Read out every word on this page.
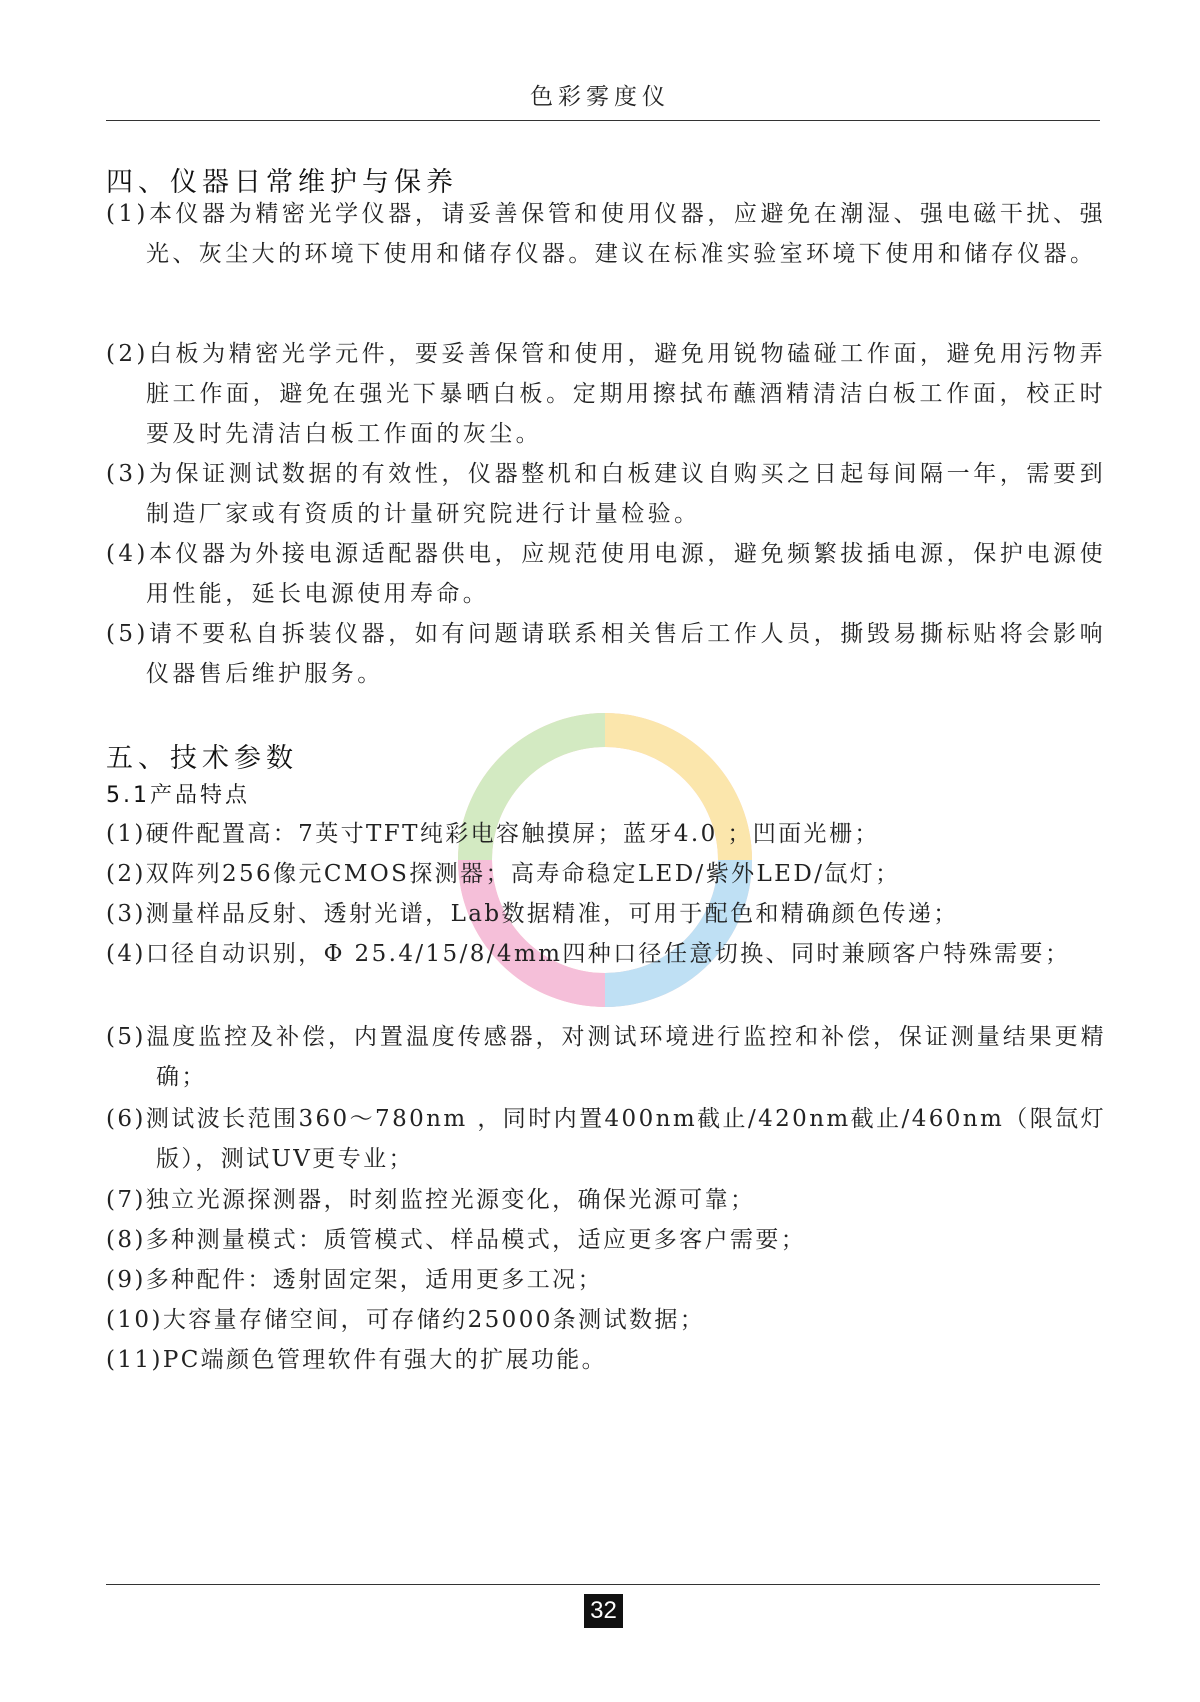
色彩雾度仪
四、仪器日常维护与保养
(1)本仪器为精密光学仪器，请妥善保管和使用仪器，应避免在潮湿、强电磁干扰、强光、灰尘大的环境下使用和储存仪器。建议在标准实验室环境下使用和储存仪器。
(2)白板为精密光学元件，要妥善保管和使用，避免用锐物磕碰工作面，避免用污物弄脏工作面，避免在强光下暴晒白板。定期用擦拭布蘸酒精清洁白板工作面，校正时要及时先清洁白板工作面的灰尘。
(3)为保证测试数据的有效性，仪器整机和白板建议自购买之日起每间隔一年，需要到制造厂家或有资质的计量研究院进行计量检验。
(4)本仪器为外接电源适配器供电，应规范使用电源，避免频繁拔插电源，保护电源使用性能，延长电源使用寿命。
(5)请不要私自拆装仪器，如有问题请联系相关售后工作人员，撕毁易撕标贴将会影响仪器售后维护服务。
五、技术参数
5.1产品特点
(1)硬件配置高：7英寸TFT纯彩电容触摸屏；蓝牙4.0 ；凹面光栅；
(2)双阵列256像元CMOS探测器；高寿命稳定LED/紫外LED/氙灯；
(3)测量样品反射、透射光谱，Lab数据精准，可用于配色和精确颜色传递；
(4)口径自动识别，Φ 25.4/15/8/4mm四种口径任意切换、同时兼顾客户特殊需要；
(5)温度监控及补偿，内置温度传感器，对测试环境进行监控和补偿，保证测量结果更精确；
(6)测试波长范围360～780nm ，同时内置400nm截止/420nm截止/460nm（限氙灯版），测试UV更专业；
(7)独立光源探测器，时刻监控光源变化，确保光源可靠；
(8)多种测量模式：质管模式、样品模式，适应更多客户需要；
(9)多种配件：透射固定架，适用更多工况；
(10)大容量存储空间，可存储约25000条测试数据；
(11)PC端颜色管理软件有强大的扩展功能。
32
